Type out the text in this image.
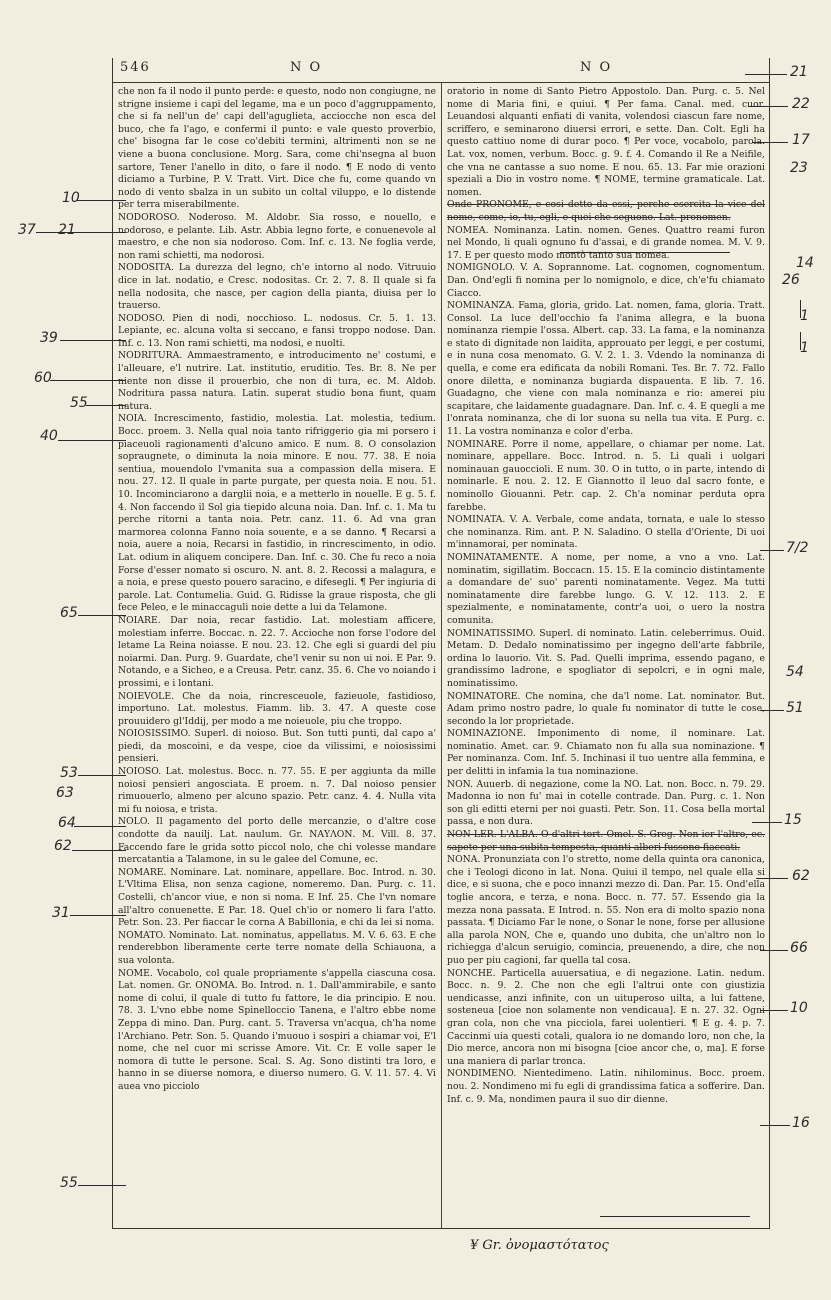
546	N O	N O

che non fa il nodo il punto perde: e questo, nodo non congiugne, ne strigne insieme i capi del legame, ma e un poco d'aggruppamento, che si fa nell'un de' capi dell'aguglieta, acciocche non esca del buco, che fa l'ago, e confermi il punto: e vale questo proverbio, che' bisogna far le cose co'debiti termini, altrimenti non se ne viene a buona conclusione. Morg. Sara, come chi'nsegna al buon sartore, Tener l'anello in dito, o fare il nodo. ¶ E nodo di vento diciamo a Turbine, P. V. Tratt. Virt. Dice che fu, come quando vn nodo di vento sbalza in un subito un coltal viluppo, e lo distende per terra miserabilmente.

NODOROSO. Noderoso. M. Aldobr. Sia rosso, e nouello, e nodoroso, e pelante. Lib. Astr. Abbia legno forte, e conuenevole al maestro, e che non sia nodoroso. Com. Inf. c. 13. Ne foglia verde, non rami schietti, ma nodorosi.

NODOSITA. La durezza del legno, ch'e intorno al nodo. Vitruuio dice in lat. nodatio, e Cresc. nodositas. Cr. 2. 7. 8. Il quale si fa nella nodosita, che nasce, per cagion della pianta, diuisa per lo trauerso.

NODOSO. Pien di nodi, nocchioso. L. nodosus. Cr. 5. 1. 13. Lepiante, ec. alcuna volta si seccano, e fansi troppo nodose. Dan. Inf. c. 13. Non rami schietti, ma nodosi, e nuolti.

NODRITURA. Ammaestramento, e introducimento ne' costumi, e l'alleuare, e'l nutrire. Lat. institutio, eruditio. Tes. Br. 8. Ne per niente non disse il prouerbio, che non di tura, ec. M. Aldob. Nodritura passa natura. Latin. superat studio bona fiunt, quam natura.

NOIA. Increscimento, fastidio, molestia. Lat. molestia, tedium. Bocc. proem. 3. Nella qual noia tanto rifriggerio gia mi porsero i piaceuoli ragionamenti d'alcuno amico. E num. 8. O consolazion sopraugnete, o diminuta la noia minore. E nou. 77. 38. E noia sentiua, mouendolo l'vmanita sua a compassion della misera. E nou. 27. 12. Il quale in parte purgate, per questa noia. E nou. 51. 10. Incominciarono a darglii noia, e a metterlo in nouelle. E g. 5. f. 4. Non faccendo il Sol gia tiepido alcuna noia. Dan. Inf. c. 1. Ma tu perche ritorni a tanta noia. Petr. canz. 11. 6. Ad vna gran marmorea colonna Fanno noia souente, e a se danno. ¶ Recarsi a noia, auere a noia, Recarsi in fastidio, in rincrescimento, in odio. Lat. odium in aliquem concipere. Dan. Inf. c. 30. Che fu reco a noia Forse d'esser nomato si oscuro. N. ant. 8. 2. Recossi a malagura, e a noia, e prese questo pouero saracino, e difesegli. ¶ Per ingiuria di parole. Lat. Contumelia. Guid. G. Ridisse la graue risposta, che gli fece Peleo, e le minaccaguli noie dette a lui da Telamone.

NOIARE. Dar noia, recar fastidio. Lat. molestiam afficere, molestiam inferre. Boccac. n. 22. 7. Accioche non forse l'odore del letame La Reina noiasse. E nou. 23. 12. Che egli si guardi del piu noiarmi. Dan. Purg. 9. Guardate, che'l venir su non ui noi. E Par. 9. Notando, e a Sicheo, e a Creusa. Petr. canz. 35. 6. Che vo noiando i prossimi, e i lontani.

NOIEVOLE. Che da noia, rincresceuole, fazieuole, fastidioso, importuno. Lat. molestus. Fiamm. lib. 3. 47. A queste cose prouuidero gl'Iddij, per modo a me noieuole, piu che troppo.

NOIOSISSIMO. Superl. di noioso. But. Son tutti punti, dal capo a' piedi, da moscoini, e da vespe, cioe da vilissimi, e noiosissimi pensieri.

NOIOSO. Lat. molestus. Bocc. n. 77. 55. E per aggiunta da mille noiosi pensieri angosciata. E proem. n. 7. Dal noioso pensier rimuouerlo, almeno per alcuno spazio. Petr. canz. 4. 4. Nulla vita mi fu noiosa, e trista.

NOLO. Il pagamento del porto delle mercanzie, o d'altre cose condotte da nauilj. Lat. naulum. Gr. ΝΑΥΛΟΝ. M. Vill. 8. 37. Faccendo fare le grida sotto piccol nolo, che chi volesse mandare mercatantia a Talamone, in su le galee del Comune, ec.

NOMARE. Nominare. Lat. nominare, appellare. Boc. Introd. n. 30. L'Vltima Elisa, non senza cagione, nomeremo. Dan. Purg. c. 11. Costelli, ch'ancor viue, e non si noma. E Inf. 25. Che l'vn nomare all'altro conuenette. E Par. 18. Quel ch'io or nomero li fara l'atto. Petr. Son. 23. Per fiaccar le corna A Babillonia, e chi da lei si noma.

NOMATO. Nominato. Lat. nominatus, appellatus. M. V. 6. 63. E che renderebbon liberamente certe terre nomate della Schiauona, a sua volonta.

NOME. Vocabolo, col quale propriamente s'appella ciascuna cosa. Lat. nomen. Gr. ΟΝΟΜΑ. Bo. Introd. n. 1. Dall'ammirabile, e santo nome di colui, il quale di tutto fu fattore, le dia principio. E nou. 78. 3. L'vno ebbe nome Spinelloccio Tanena, e l'altro ebbe nome Zeppa di mino. Dan. Purg. cant. 5. Traversa vn'acqua, ch'ha nome l'Archiano. Petr. Son. 5. Quando i'muouo i sospiri a chiamar voi, E'l nome, che nel cuor mi scrisse Amore. Vit. Cr. E volle saper le nomora di tutte le persone. Scal. S. Ag. Sono distinti tra loro, e hanno in se diuerse nomora, e diuerso numero. G. V. 11. 57. 4. Vi auea vno picciolo

oratorio in nome di Santo Pietro Appostolo. Dan. Purg. c. 5. Nel nome di Maria fini, e quiui. ¶ Per fama. Canal. med. cuor. Leuandosi alquanti enfiati di vanita, volendosi ciascun fare nome, scriffero, e seminarono diuersi errori, e sette. Dan. Colt. Egli ha questo cattiuo nome di durar poco. ¶ Per voce, vocabolo, parola. Lat. vox, nomen, verbum. Bocc. g. 9. f. 4. Comando il Re a Neifile, che vna ne cantasse a suo nome. E nou. 65. 13. Far mie orazioni speziali a Dio in vostro nome. ¶ NOME, termine gramaticale. Lat. nomen.

Onde PRONOME, e cosi detto da essi, perche esercita la vice del nome, come, io, tu, egli, e quei che seguono. Lat. pronomen.

NOMEA. Nominanza. Latin. nomen. Genes. Quattro reami furon nel Mondo, li quali ognuno fu d'assai, e di grande nomea. M. V. 9. 17. E per questo modo montò tanto sua nomea.

NOMIGNOLO. V. A. Soprannome. Lat. cognomen, cognomentum. Dan. Ond'egli fi nomina per lo nomignolo, e dice, ch'e'fu chiamato Ciacco.

NOMINANZA. Fama, gloria, grido. Lat. nomen, fama, gloria. Tratt. Consol. La luce dell'occhio fa l'anima allegra, e la buona nominanza riempie l'ossa. Albert. cap. 33. La fama, e la nominanza e stato di dignitade non laidita, approuato per leggi, e per costumi, e in nuna cosa menomato. G. V. 2. 1. 3. Vdendo la nominanza di quella, e come era edificata da nobili Romani. Tes. Br. 7. 72. Fallo onore diletta, e nominanza bugiarda dispauenta. E lib. 7. 16. Guadagno, che viene con mala nominanza e rio: amerei piu scapitare, che laidamente guadagnare. Dan. Inf. c. 4. E quegli a me l'onrata nominanza, che di lor suona su nella tua vita. E Purg. c. 11. La vostra nominanza e color d'erba.

NOMINARE. Porre il nome, appellare, o chiamar per nome. Lat. nominare, appellare. Bocc. Introd. n. 5. Li quali i uolgari nominauan gauoccioli. E num. 30. O in tutto, o in parte, intendo di nominarle. E nou. 2. 12. E Giannotto il leuo dal sacro fonte, e nominollo Giouanni. Petr. cap. 2. Ch'a nominar perduta opra farebbe.

NOMINATA. V. A. Verbale, come andata, tornata, e uale lo stesso che nominanza. Rim. ant. P. N. Saladino. O stella d'Oriente, Di uoi m'innamorai, per nominata.

NOMINATAMENTE. A nome, per nome, a vno a vno. Lat. nominatim, sigillatim. Boccacn. 15. 15. E la comincio distintamente a domandare de' suo' parenti nominatamente. Vegez. Ma tutti nominatamente dire farebbe lungo. G. V. 12. 113. 2. E spezialmente, e nominatamente, contr'a uoi, o uero la nostra comunita.

NOMINATISSIMO. Superl. di nominato. Latin. celeberrimus. Ouid. Metam. D. Dedalo nominatissimo per ingegno dell'arte fabbrile, ordina lo lauorio. Vit. S. Pad. Quelli imprima, essendo pagano, e grandissimo ladrone, e spogliator di sepolcri, e in ogni male, nominatissimo.

NOMINATORE. Che nomina, che da'l nome. Lat. nominator. But. Adam primo nostro padre, lo quale fu nominator di tutte le cose, secondo la lor proprietade.

NOMINAZIONE. Imponimento di nome, il nominare. Lat. nominatio. Amet. car. 9. Chiamato non fu alla sua nominazione. ¶ Per nominanza. Com. Inf. 5. Inchinasi il tuo uentre alla femmina, e per delitti in infamia la tua nominazione.

NON. Auuerb. di negazione, come la NO. Lat. non. Bocc. n. 79. 29. Madonna io non fu' mai in cotelle contrade. Dan. Purg. c. 1. Non son gli editti eterni per noi guasti. Petr. Son. 11. Cosa bella mortal passa, e non dura.

NON-LER. L'ALBA. O d'altri tort. Omel. S. Greg. Non ier l'altro, ec. sapete per una subita tempesta, quanti alberi fussono fiaccati.

NONA. Pronunziata con l'o stretto, nome della quinta ora canonica, che i Teologi dicono in lat. Nona. Quiui il tempo, nel quale ella si dice, e si suona, che e poco innanzi mezzo di. Dan. Par. 15. Ond'ella toglie ancora, e terza, e nona. Bocc. n. 77. 57. Essendo gia la mezza nona passata. E Introd. n. 55. Non era di molto spazio nona passata. ¶ Diciamo Far le none, o Sonar le none, forse per allusione alla parola NON, Che e, quando uno dubita, che un'altro non lo richiegga d'alcun seruigio, comincia, preuenendo, a dire, che non puo per piu cagioni, far quella tal cosa.

NONCHE. Particella auuersatiua, e di negazione. Latin. nedum. Bocc. n. 9. 2. Che non che egli l'altrui onte con giustizia uendicasse, anzi infinite, con un uituperoso uilta, a lui fattene, sosteneua [cioe non solamente non vendicaua]. E n. 27. 32. Ogni gran cola, non che vna picciola, farei uolentieri. ¶ E g. 4. p. 7. Caccinmi uia questi cotali, qualora io ne domando loro, non che, la Dio merce, ancora non mi bisogna [cioe ancor che, o, ma]. E forse una maniera di parlar tronca.

NONDIMENO. Nientedimeno. Latin. nihilominus. Bocc. proem. nou. 2. Nondimeno mi fu egli di grandissima fatica a sofferire. Dan. Inf. c. 9. Ma, nondimen paura il suo dir dienne.

¥ Gr. ὀνομαστότατος
10
37 21
39
60
55
40
65
53
63
64
62
31
55
21
22
17
23
14
26
1
1
7/2
54
51
15
62
66
10
16
